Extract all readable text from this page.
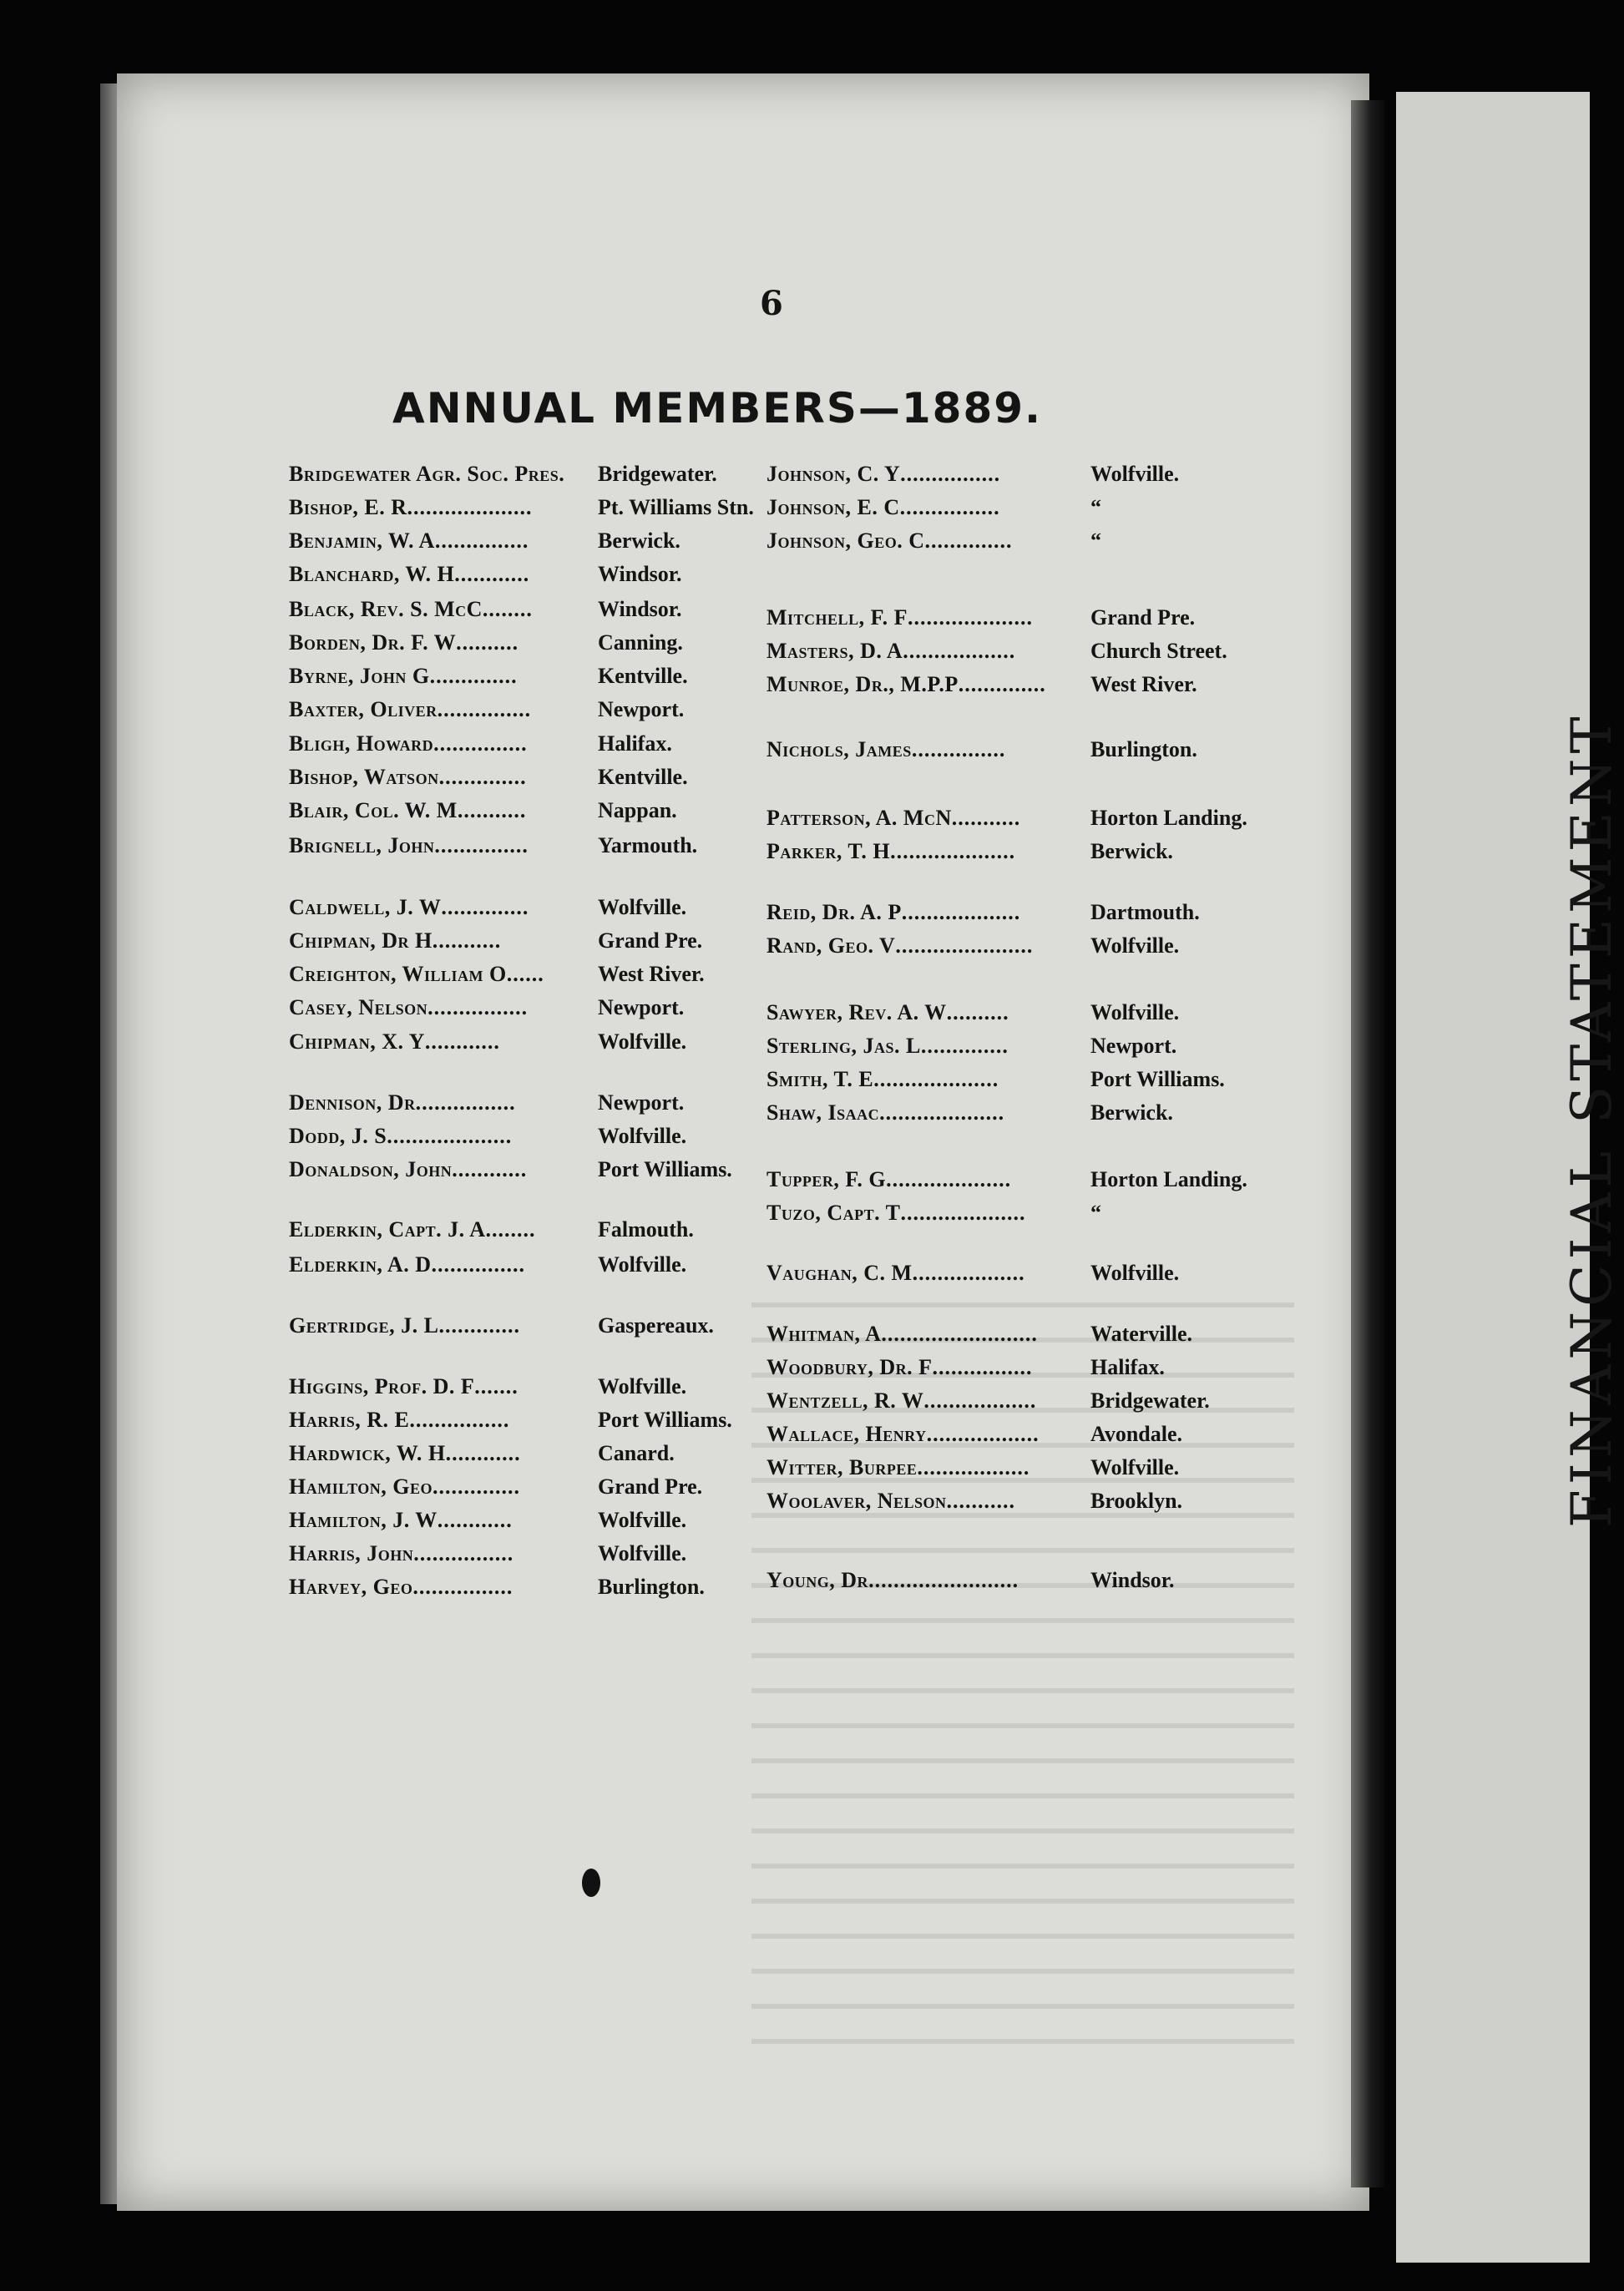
FINANCIAL STATEMENT
6
ANNUAL MEMBERS—1889.
Bridgewater Agr. Soc. Pres. Bridgewater.
Bishop, E. R....................	Pt. Williams Stn.
Benjamin, W. A...............	Berwick.
Blanchard, W. H............	Windsor.
Black, Rev. S. McC........	Windsor.
Borden, Dr. F. W..........	Canning.
Byrne, John G..............	Kentville.
Baxter, Oliver...............	Newport.
Bligh, Howard...............	Halifax.
Bishop, Watson..............	Kentville.
Blair, Col. W. M...........	Nappan.
Brignell, John...............	Yarmouth.
Caldwell, J. W..............	Wolfville.
Chipman, Dr H...........	Grand Pre.
Creighton, William O...... West River.
Casey, Nelson................	Newport.
Chipman, X. Y............	Wolfville.
Dennison, Dr................	Newport.
Dodd, J. S....................	Wolfville.
Donaldson, John............	Port Williams.
Elderkin, Capt. J. A........	Falmouth.
Elderkin, A. D...............	Wolfville.
Gertridge, J. L.............	Gaspereaux.
Higgins, Prof. D. F.......	Wolfville.
Harris, R. E................	Port Williams.
Hardwick, W. H............	Canard.
Hamilton, Geo..............	Grand Pre.
Hamilton, J. W............	Wolfville.
Harris, John................	Wolfville.
Harvey, Geo................	Burlington.
Johnson, C. Y................	Wolfville.
Johnson, E. C................	“
Johnson, Geo. C..............	“
Mitchell, F. F....................	Grand Pre.
Masters, D. A..................	Church Street.
Munroe, Dr., M.P.P.............. West River.
Nichols, James...............	Burlington.
Patterson, A. McN...........	Horton Landing.
Parker, T. H....................	Berwick.
Reid, Dr. A. P...................	Dartmouth.
Rand, Geo. V......................	Wolfville.
Sawyer, Rev. A. W..........	Wolfville.
Sterling, Jas. L..............	Newport.
Smith, T. E....................	Port Williams.
Shaw, Isaac....................	Berwick.
Tupper, F. G....................	Horton Landing.
Tuzo, Capt. T....................	“
Vaughan, C. M..................	Wolfville.
Whitman, A......................... Waterville.
Woodbury, Dr. F................	Halifax.
Wentzell, R. W.................. Bridgewater.
Wallace, Henry.................. Avondale.
Witter, Burpee..................	Wolfville.
Woolaver, Nelson...........	Brooklyn.
Young, Dr........................	Windsor.
